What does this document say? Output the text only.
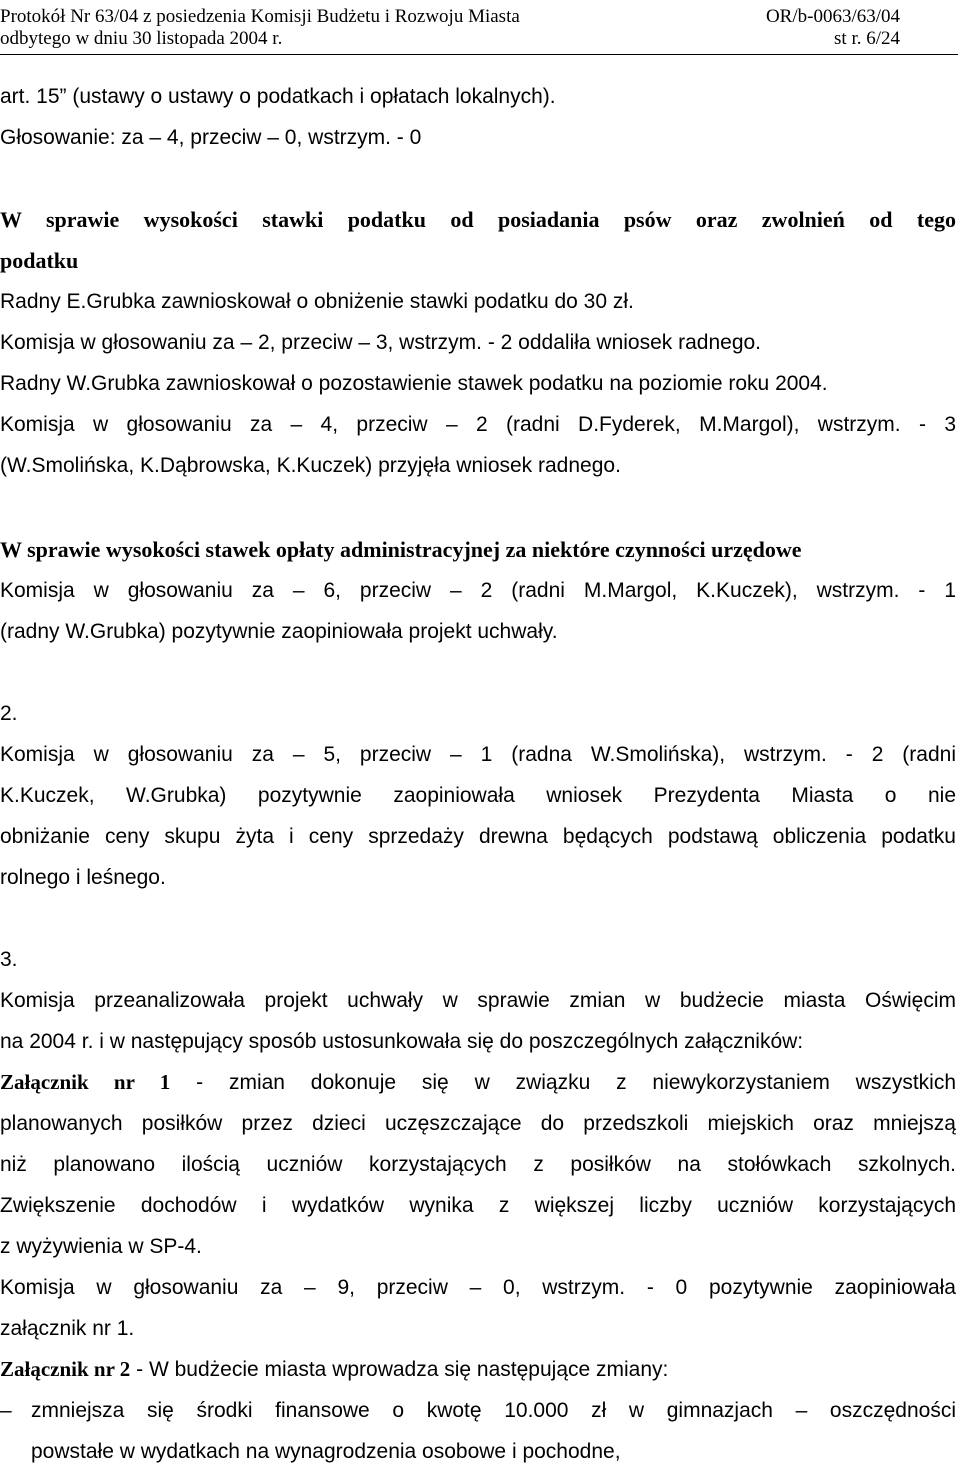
Protokół Nr 63/04 z posiedzenia Komisji Budżetu i Rozwoju Miasta	OR/b-0063/63/04
odbytego w dniu 30 listopada 2004 r.	st r. 6/24

art. 15” (ustawy o ustawy o podatkach i opłatach lokalnych).

Głosowanie: za – 4, przeciw – 0, wstrzym. - 0

W sprawie wysokości stawki podatku od posiadania psów oraz zwolnień od tego

podatku

Radny E.Grubka zawnioskował o obniżenie stawki podatku do 30 zł.

Komisja w głosowaniu za – 2, przeciw – 3, wstrzym. - 2 oddaliła wniosek radnego.

Radny W.Grubka zawnioskował o pozostawienie stawek podatku na poziomie roku 2004.

Komisja w głosowaniu za – 4, przeciw – 2 (radni D.Fyderek, M.Margol), wstrzym. - 3

(W.Smolińska, K.Dąbrowska, K.Kuczek) przyjęła wniosek radnego.

W sprawie wysokości stawek opłaty administracyjnej za niektóre czynności urzędowe

Komisja w głosowaniu za – 6, przeciw – 2 (radni M.Margol, K.Kuczek), wstrzym. - 1

(radny W.Grubka) pozytywnie zaopiniowała projekt uchwały.

2.

Komisja w głosowaniu za – 5, przeciw – 1 (radna W.Smolińska), wstrzym. - 2 (radni

K.Kuczek, W.Grubka) pozytywnie zaopiniowała wniosek Prezydenta Miasta o nie

obniżanie ceny skupu żyta i ceny sprzedaży drewna będących podstawą obliczenia podatku

rolnego i leśnego.

3.

Komisja przeanalizowała projekt uchwały w sprawie zmian w budżecie miasta Oświęcim

na 2004 r. i w następujący sposób ustosunkowała się do poszczególnych załączników:

Załącznik nr 1 - zmian dokonuje się w związku z niewykorzystaniem wszystkich

planowanych posiłków przez dzieci uczęszczające do przedszkoli miejskich oraz mniejszą

niż planowano ilością uczniów korzystających z posiłków na stołówkach szkolnych.

Zwiększenie dochodów i wydatków wynika z większej liczby uczniów korzystających

z wyżywienia w SP-4.

Komisja w głosowaniu za – 9, przeciw – 0, wstrzym. - 0 pozytywnie zaopiniowała

załącznik nr 1.

Załącznik nr 2 - W budżecie miasta wprowadza się następujące zmiany:

– zmniejsza się środki finansowe o kwotę 10.000 zł w gimnazjach – oszczędności
powstałe w wydatkach na wynagrodzenia osobowe i pochodne,
